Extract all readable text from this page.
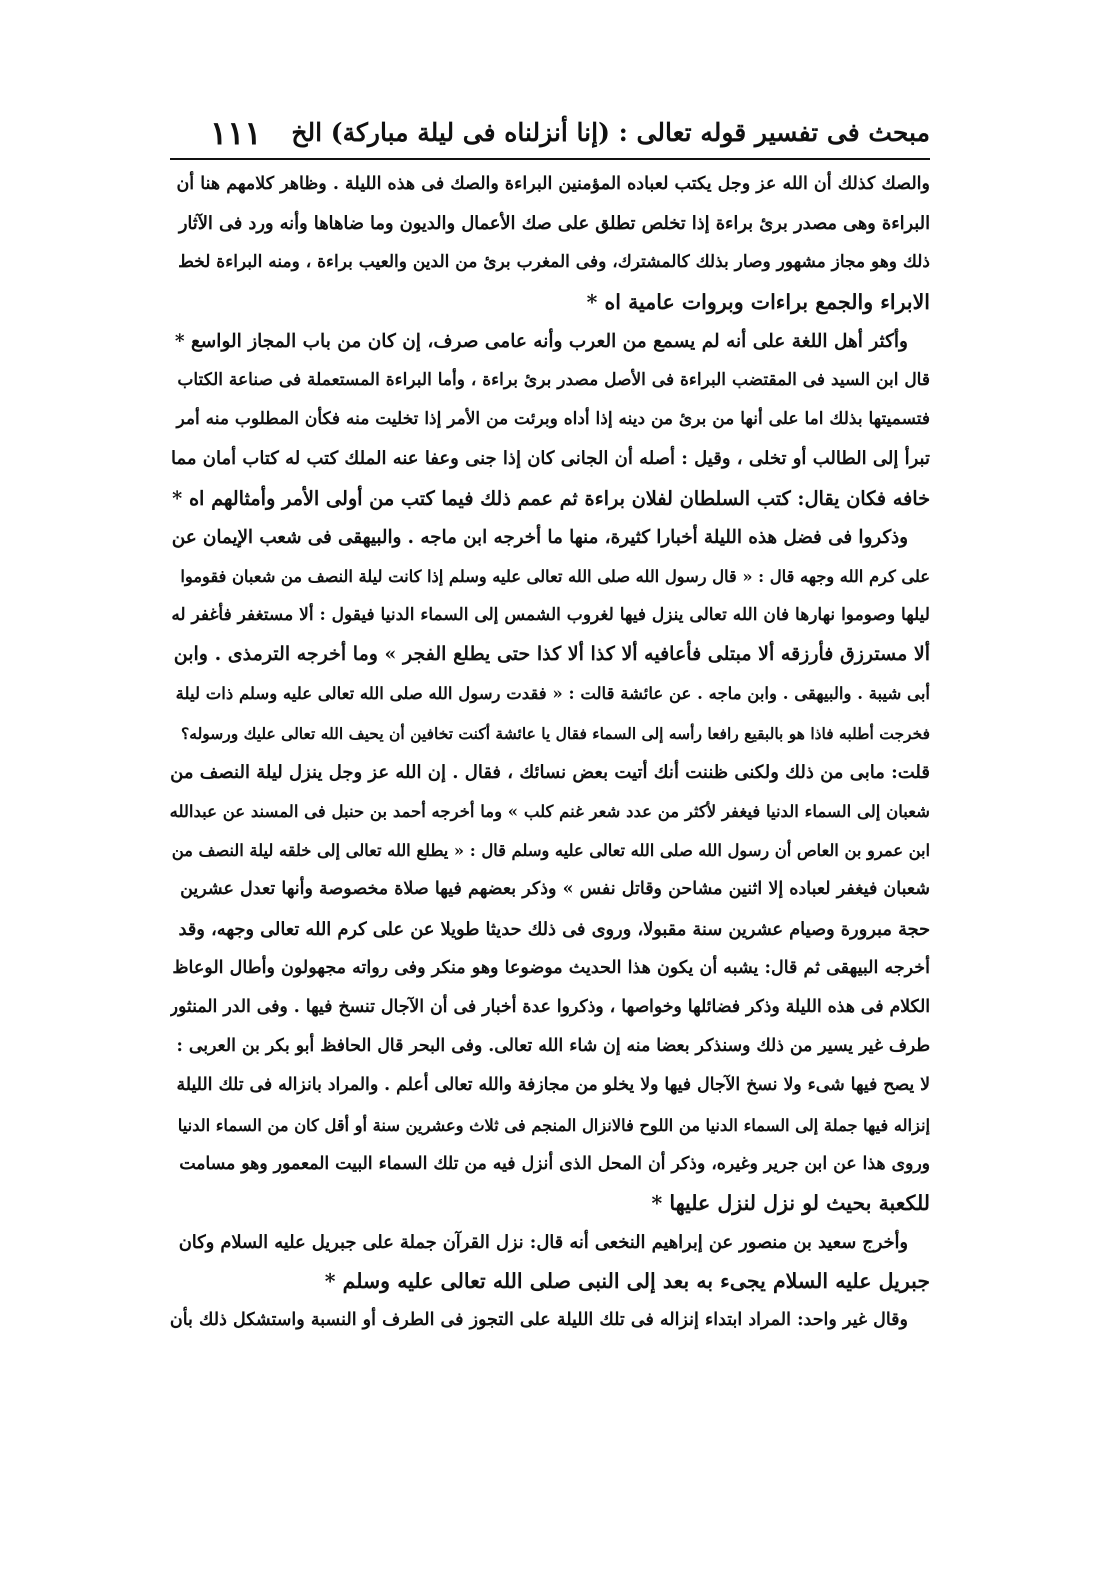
مبحث فى تفسير قوله تعالى : (إنا أنزلناه فى ليلة مباركة) الخ
١١١
والصك كذلك أن الله عز وجل يكتب لعباده المؤمنين البراءة والصك فى هذه الليلة . وظاهر كلامهم هنا أن
البراءة وهى مصدر برئ براءة إذا تخلص تطلق على صك الأعمال والديون وما ضاهاها وأنه ورد فى الآثار
ذلك وهو مجاز مشهور وصار بذلك كالمشترك، وفى المغرب برئ من الدين والعيب براءة ، ومنه البراءة لخط
الابراء والجمع براءات وبروات عامية اه *
وأكثر أهل اللغة على أنه لم يسمع من العرب وأنه عامى صرف، إن كان من باب المجاز الواسع *
قال ابن السيد فى المقتضب البراءة فى الأصل مصدر برئ براءة ، وأما البراءة المستعملة فى صناعة الكتاب
فتسميتها بذلك اما على أنها من برئ من دينه إذا أداه وبرئت من الأمر إذا تخليت منه فكأن المطلوب منه أمر
تبرأ إلى الطالب أو تخلى ، وقيل : أصله أن الجانى كان إذا جنى وعفا عنه الملك كتب له كتاب أمان مما
خافه فكان يقال: كتب السلطان لفلان براءة ثم عمم ذلك فيما كتب من أولى الأمر وأمثالهم اه *
وذكروا فى فضل هذه الليلة أخبارا كثيرة، منها ما أخرجه ابن ماجه . والبيهقى فى شعب الإيمان عن
على كرم الله وجهه قال : « قال رسول الله صلى الله تعالى عليه وسلم إذا كانت ليلة النصف من شعبان فقوموا
ليلها وصوموا نهارها فان الله تعالى ينزل فيها لغروب الشمس إلى السماء الدنيا فيقول : ألا مستغفر فأغفر له
ألا مسترزق فأرزقه ألا مبتلى فأعافيه ألا كذا ألا كذا حتى يطلع الفجر » وما أخرجه الترمذى . وابن
أبى شيبة . والبيهقى . وابن ماجه . عن عائشة قالت : « فقدت رسول الله صلى الله تعالى عليه وسلم ذات ليلة
فخرجت أطلبه فاذا هو بالبقيع رافعا رأسه إلى السماء فقال يا عائشة أكنت تخافين أن يحيف الله تعالى عليك ورسوله؟
قلت: مابى من ذلك ولكنى ظننت أنك أتيت بعض نسائك ، فقال . إن الله عز وجل ينزل ليلة النصف من
شعبان إلى السماء الدنيا فيغفر لأكثر من عدد شعر غنم كلب » وما أخرجه أحمد بن حنبل فى المسند عن عبدالله
ابن عمرو بن العاص أن رسول الله صلى الله تعالى عليه وسلم قال : « يطلع الله تعالى إلى خلقه ليلة النصف من
شعبان فيغفر لعباده إلا اثنين مشاحن وقاتل نفس » وذكر بعضهم فيها صلاة مخصوصة وأنها تعدل عشرين
حجة مبرورة وصيام عشرين سنة مقبولا، وروى فى ذلك حديثا طويلا عن على كرم الله تعالى وجهه، وقد
أخرجه البيهقى ثم قال: يشبه أن يكون هذا الحديث موضوعا وهو منكر وفى رواته مجهولون وأطال الوعاظ
الكلام فى هذه الليلة وذكر فضائلها وخواصها ، وذكروا عدة أخبار فى أن الآجال تنسخ فيها . وفى الدر المنثور
طرف غير يسير من ذلك وسنذكر بعضا منه إن شاء الله تعالى. وفى البحر قال الحافظ أبو بكر بن العربى :
لا يصح فيها شىء ولا نسخ الآجال فيها ولا يخلو من مجازفة والله تعالى أعلم . والمراد بانزاله فى تلك الليلة
إنزاله فيها جملة إلى السماء الدنيا من اللوح فالانزال المنجم فى ثلاث وعشرين سنة أو أقل كان من السماء الدنيا
وروى هذا عن ابن جرير وغيره، وذكر أن المحل الذى أنزل فيه من تلك السماء البيت المعمور وهو مسامت
للكعبة بحيث لو نزل لنزل عليها *
وأخرج سعيد بن منصور عن إبراهيم النخعى أنه قال: نزل القرآن جملة على جبريل عليه السلام وكان
جبريل عليه السلام يجىء به بعد إلى النبى صلى الله تعالى عليه وسلم *
وقال غير واحد: المراد ابتداء إنزاله فى تلك الليلة على التجوز فى الطرف أو النسبة واستشكل ذلك بأن
